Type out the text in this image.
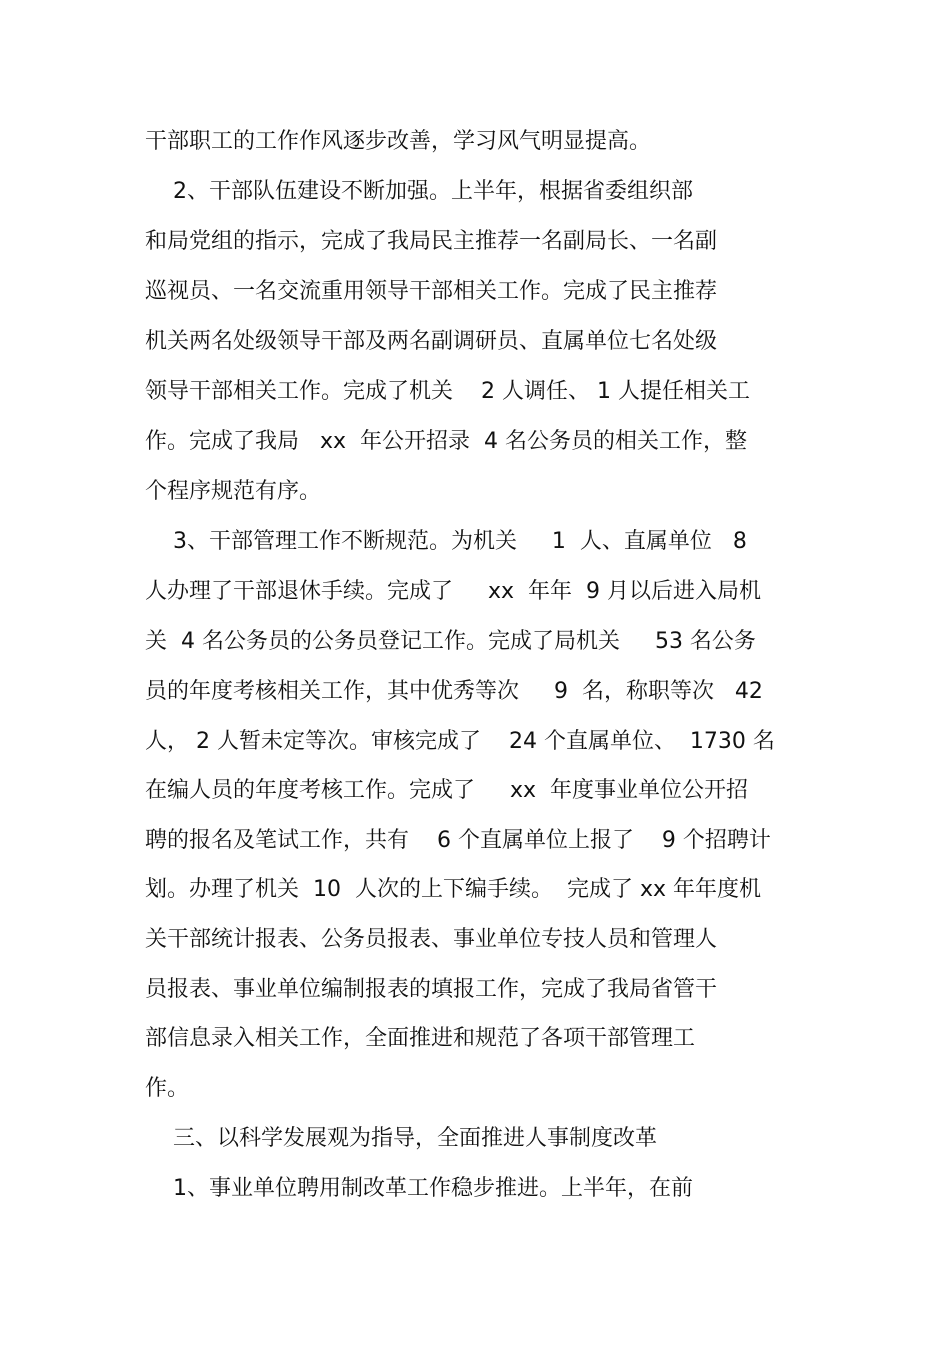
干部职工的工作作风逐步改善，学习风气明显提高。

2、干部队伍建设不断加强。上半年，根据省委组织部

和局党组的指示，完成了我局民主推荐一名副局长、一名副

巡视员、一名交流重用领导干部相关工作。完成了民主推荐

机关两名处级领导干部及两名副调研员、直属单位七名处级

领导干部相关工作。完成了机关    2 人调任、 1 人提任相关工

作。完成了我局   xx  年公开招录  4 名公务员的相关工作，整

个程序规范有序。

3、干部管理工作不断规范。为机关     1  人、直属单位   8

人办理了干部退休手续。完成了     xx  年年  9 月以后进入局机

关  4 名公务员的公务员登记工作。完成了局机关     53 名公务

员的年度考核相关工作，其中优秀等次     9  名，称职等次   42

人， 2 人暂未定等次。审核完成了    24 个直属单位、  1730 名

在编人员的年度考核工作。完成了     xx  年度事业单位公开招

聘的报名及笔试工作，共有    6 个直属单位上报了    9 个招聘计

划。办理了机关  10  人次的上下编手续。  完成了 xx 年年度机

关干部统计报表、公务员报表、事业单位专技人员和管理人

员报表、事业单位编制报表的填报工作，完成了我局省管干

部信息录入相关工作，全面推进和规范了各项干部管理工

作。

三、以科学发展观为指导，全面推进人事制度改革

1、事业单位聘用制改革工作稳步推进。上半年，在前
